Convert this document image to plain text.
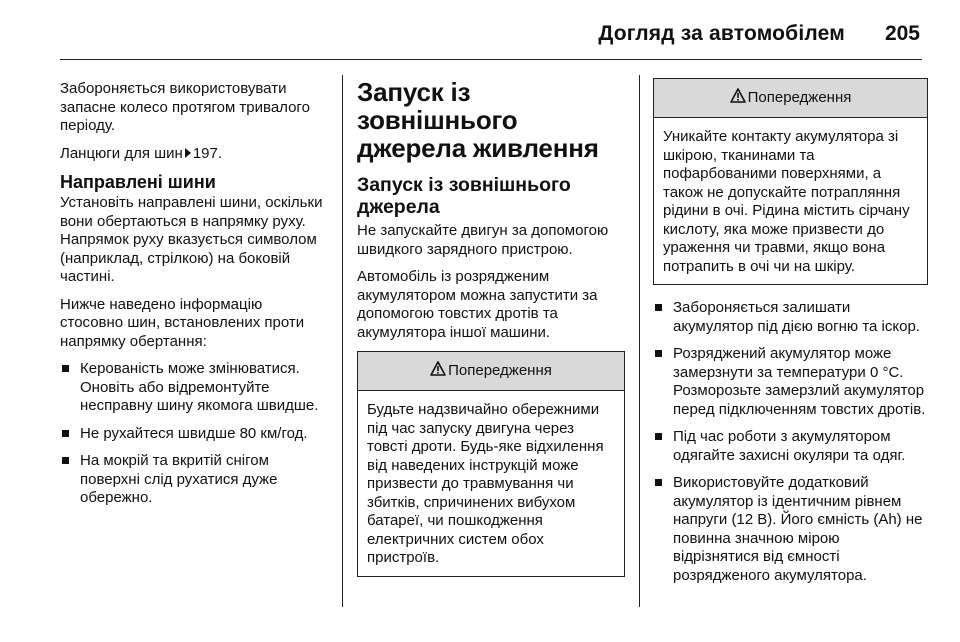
Догляд за автомобілем 205

Забороняється використовувати запасне колесо протягом тривалого періоду.

Ланцюги для шин 197.

Направлені шини

Установіть направлені шини, оскільки вони обертаються в напрямку руху. Напрямок руху вказується символом (наприклад, стрілкою) на боковій частині.

Нижче наведено інформацію стосовно шин, встановлених проти напрямку обертання:

Керованість може змінюватися. Оновіть або відремонтуйте несправну шину якомога швидше.
Не рухайтеся швидше 80 км/год.
На мокрій та вкритій снігом поверхні слід рухатися дуже обережно.
Запуск із зовнішнього джерела живлення
Запуск із зовнішнього джерела

Не запускайте двигун за допомогою швидкого зарядного пристрою.

Автомобіль із розрядженим акумулятором можна запустити за допомогою товстих дротів та акумулятора іншої машини.

Попередження
Будьте надзвичайно обережними під час запуску двигуна через товсті дроти. Будь-яке відхилення від наведених інструкцій може призвести до травмування чи збитків, спричинених вибухом батареї, чи пошкодження електричних систем обох пристроїв.
Попередження
Уникайте контакту акумулятора зі шкірою, тканинами та пофарбованими поверхнями, а також не допускайте потрапляння рідини в очі. Рідина містить сірчану кислоту, яка може призвести до ураження чи травми, якщо вона потрапить в очі чи на шкіру.
Забороняється залишати акумулятор під дією вогню та іскор.
Розряджений акумулятор може замерзнути за температури 0 °C. Розморозьте замерзлий акумулятор перед підключенням товстих дротів.
Під час роботи з акумулятором одягайте захисні окуляри та одяг.
Використовуйте додатковий акумулятор із ідентичним рівнем напруги (12 В). Його ємність (Ah) не повинна значною мірою відрізнятися від ємності розрядженого акумулятора.
